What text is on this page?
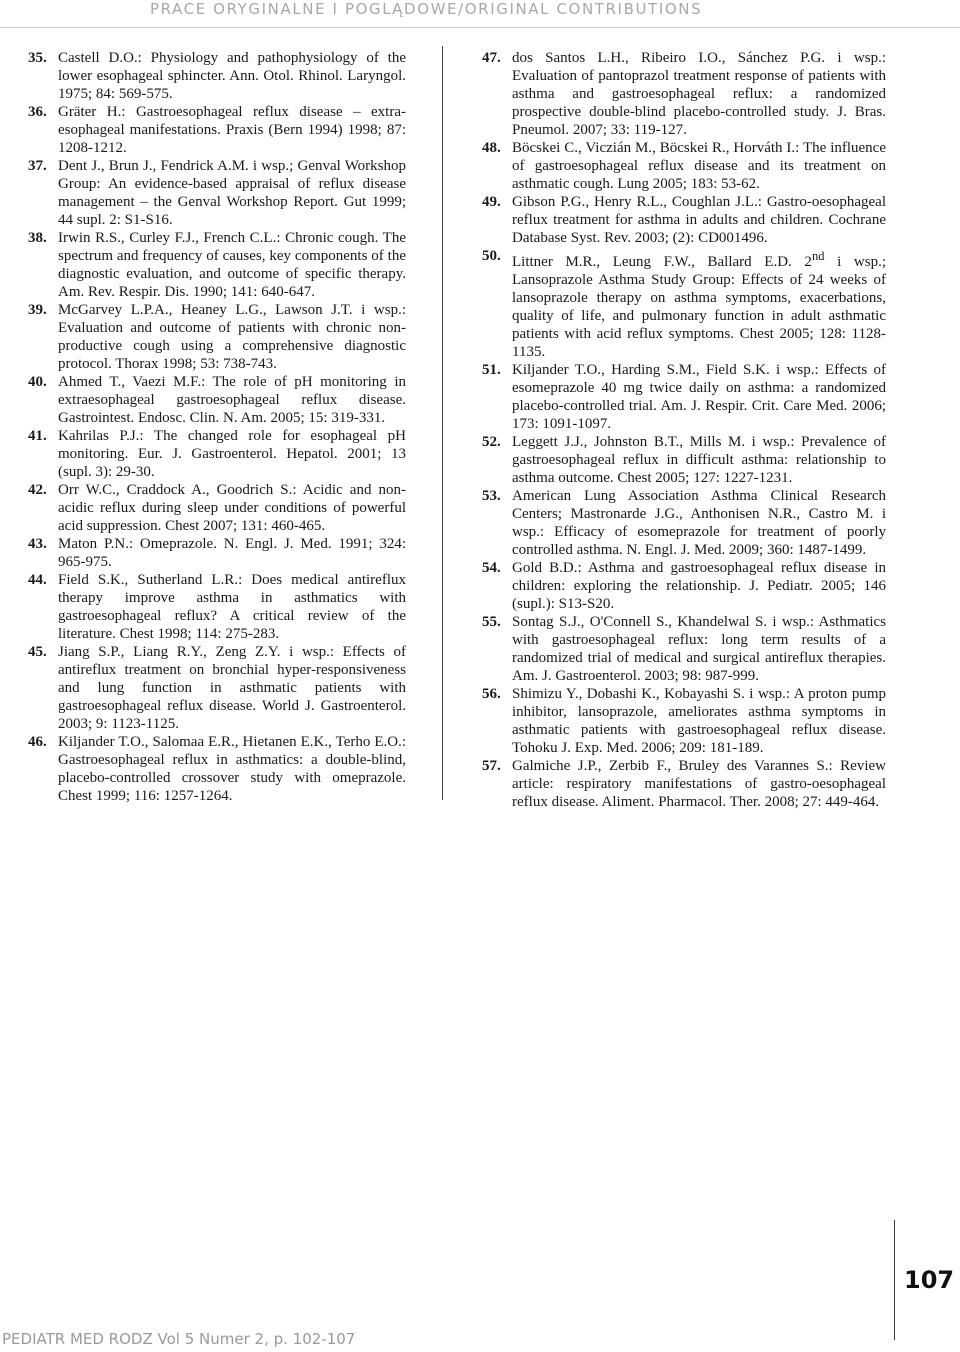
PRACE ORYGINALNE I POGLĄDOWE/ORIGINAL CONTRIBUTIONS
35. Castell D.O.: Physiology and pathophysiology of the lower esophageal sphincter. Ann. Otol. Rhinol. Laryngol. 1975; 84: 569-575.
36. Gräter H.: Gastroesophageal reflux disease – extra-esophageal manifestations. Praxis (Bern 1994) 1998; 87: 1208-1212.
37. Dent J., Brun J., Fendrick A.M. i wsp.; Genval Workshop Group: An evidence-based appraisal of reflux disease management – the Genval Workshop Report. Gut 1999; 44 supl. 2: S1-S16.
38. Irwin R.S., Curley F.J., French C.L.: Chronic cough. The spectrum and frequency of causes, key components of the diagnostic evaluation, and outcome of specific therapy. Am. Rev. Respir. Dis. 1990; 141: 640-647.
39. McGarvey L.P.A., Heaney L.G., Lawson J.T. i wsp.: Evaluation and outcome of patients with chronic non-productive cough using a comprehensive diagnostic protocol. Thorax 1998; 53: 738-743.
40. Ahmed T., Vaezi M.F.: The role of pH monitoring in extraesophageal gastroesophageal reflux disease. Gastrointest. Endosc. Clin. N. Am. 2005; 15: 319-331.
41. Kahrilas P.J.: The changed role for esophageal pH monitoring. Eur. J. Gastroenterol. Hepatol. 2001; 13 (supl. 3): 29-30.
42. Orr W.C., Craddock A., Goodrich S.: Acidic and non-acidic reflux during sleep under conditions of powerful acid suppression. Chest 2007; 131: 460-465.
43. Maton P.N.: Omeprazole. N. Engl. J. Med. 1991; 324: 965-975.
44. Field S.K., Sutherland L.R.: Does medical antireflux therapy improve asthma in asthmatics with gastroesophageal reflux? A critical review of the literature. Chest 1998; 114: 275-283.
45. Jiang S.P., Liang R.Y., Zeng Z.Y. i wsp.: Effects of antireflux treatment on bronchial hyper-responsiveness and lung function in asthmatic patients with gastroesophageal reflux disease. World J. Gastroenterol. 2003; 9: 1123-1125.
46. Kiljander T.O., Salomaa E.R., Hietanen E.K., Terho E.O.: Gastroesophageal reflux in asthmatics: a double-blind, placebo-controlled crossover study with omeprazole. Chest 1999; 116: 1257-1264.
47. dos Santos L.H., Ribeiro I.O., Sánchez P.G. i wsp.: Evaluation of pantoprazol treatment response of patients with asthma and gastroesophageal reflux: a randomized prospective double-blind placebo-controlled study. J. Bras. Pneumol. 2007; 33: 119-127.
48. Böcskei C., Viczián M., Böcskei R., Horváth I.: The influence of gastroesophageal reflux disease and its treatment on asthmatic cough. Lung 2005; 183: 53-62.
49. Gibson P.G., Henry R.L., Coughlan J.L.: Gastro-oesophageal reflux treatment for asthma in adults and children. Cochrane Database Syst. Rev. 2003; (2): CD001496.
50. Littner M.R., Leung F.W., Ballard E.D. 2nd i wsp.; Lansoprazole Asthma Study Group: Effects of 24 weeks of lansoprazole therapy on asthma symptoms, exacerbations, quality of life, and pulmonary function in adult asthmatic patients with acid reflux symptoms. Chest 2005; 128: 1128-1135.
51. Kiljander T.O., Harding S.M., Field S.K. i wsp.: Effects of esomeprazole 40 mg twice daily on asthma: a randomized placebo-controlled trial. Am. J. Respir. Crit. Care Med. 2006; 173: 1091-1097.
52. Leggett J.J., Johnston B.T., Mills M. i wsp.: Prevalence of gastroesophageal reflux in difficult asthma: relationship to asthma outcome. Chest 2005; 127: 1227-1231.
53. American Lung Association Asthma Clinical Research Centers; Mastronarde J.G., Anthonisen N.R., Castro M. i wsp.: Efficacy of esomeprazole for treatment of poorly controlled asthma. N. Engl. J. Med. 2009; 360: 1487-1499.
54. Gold B.D.: Asthma and gastroesophageal reflux disease in children: exploring the relationship. J. Pediatr. 2005; 146 (supl.): S13-S20.
55. Sontag S.J., O'Connell S., Khandelwal S. i wsp.: Asthmatics with gastroesophageal reflux: long term results of a randomized trial of medical and surgical antireflux therapies. Am. J. Gastroenterol. 2003; 98: 987-999.
56. Shimizu Y., Dobashi K., Kobayashi S. i wsp.: A proton pump inhibitor, lansoprazole, ameliorates asthma symptoms in asthmatic patients with gastroesophageal reflux disease. Tohoku J. Exp. Med. 2006; 209: 181-189.
57. Galmiche J.P., Zerbib F., Bruley des Varannes S.: Review article: respiratory manifestations of gastro-oesophageal reflux disease. Aliment. Pharmacol. Ther. 2008; 27: 449-464.
107
PEDIATR MED RODZ Vol 5 Numer 2, p. 102-107
